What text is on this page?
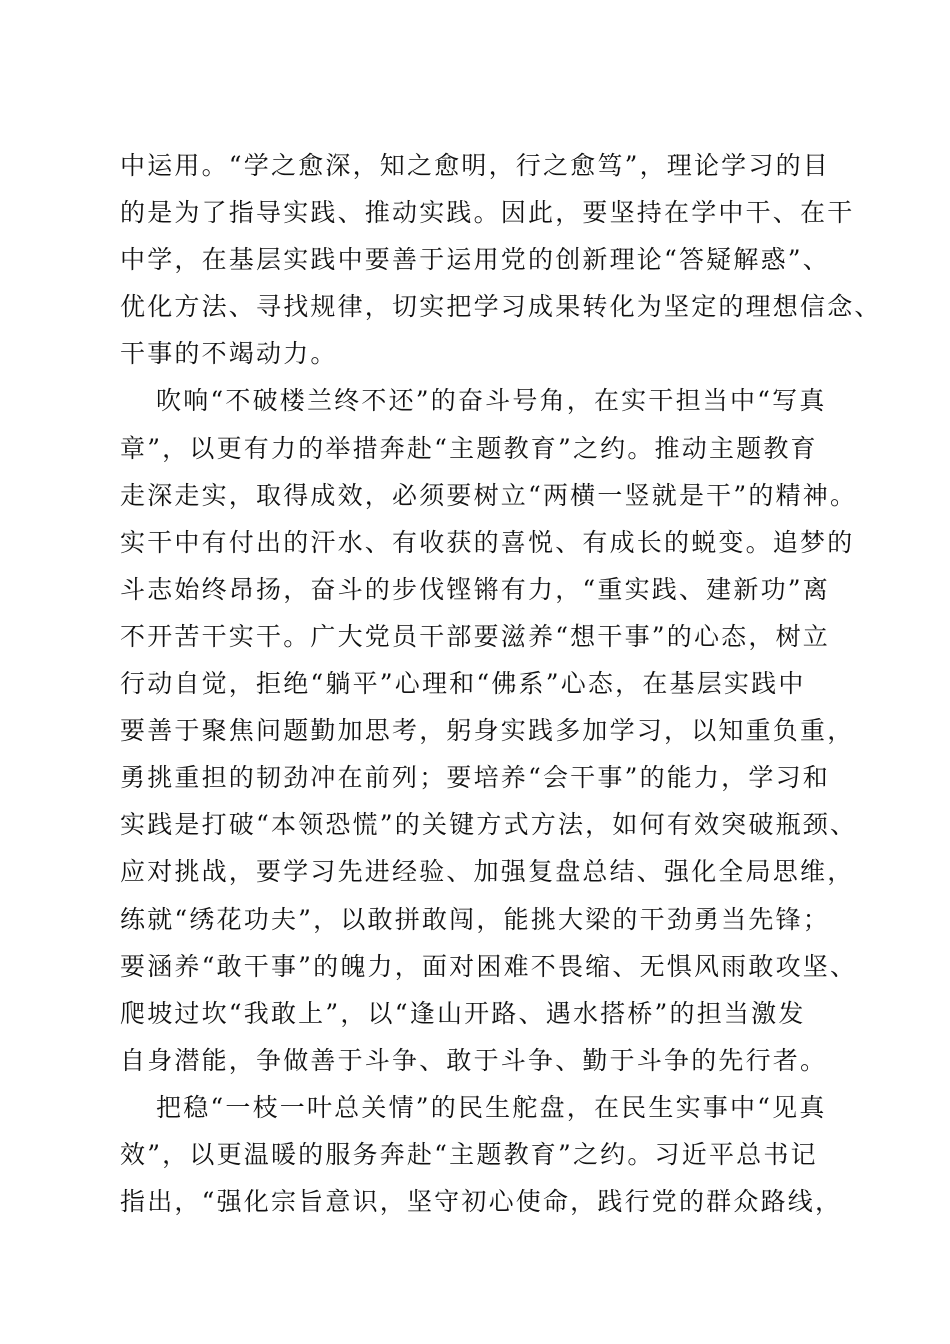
中运用。“学之愈深，知之愈明，行之愈笃”，理论学习的目
的是为了指导实践、推动实践。因此，要坚持在学中干、在干
中学，在基层实践中要善于运用党的创新理论“答疑解惑”、
优化方法、寻找规律，切实把学习成果转化为坚定的理想信念、
干事的不竭动力。
吹响“不破楼兰终不还”的奋斗号角，在实干担当中“写真
章”，以更有力的举措奔赴“主题教育”之约。推动主题教育
走深走实，取得成效，必须要树立“两横一竖就是干”的精神。
实干中有付出的汗水、有收获的喜悦、有成长的蜕变。追梦的
斗志始终昂扬，奋斗的步伐铿锵有力，“重实践、建新功”离
不开苦干实干。广大党员干部要滋养“想干事”的心态，树立
行动自觉，拒绝“躺平”心理和“佛系”心态，在基层实践中
要善于聚焦问题勤加思考，躬身实践多加学习，以知重负重，
勇挑重担的韧劲冲在前列；要培养“会干事”的能力，学习和
实践是打破“本领恐慌”的关键方式方法，如何有效突破瓶颈、
应对挑战，要学习先进经验、加强复盘总结、强化全局思维，
练就“绣花功夫”，以敢拼敢闯，能挑大梁的干劲勇当先锋；
要涵养“敢干事”的魄力，面对困难不畏缩、无惧风雨敢攻坚、
爬坡过坎“我敢上”，以“逢山开路、遇水搭桥”的担当激发
自身潜能，争做善于斗争、敢于斗争、勤于斗争的先行者。
把稳“一枝一叶总关情”的民生舵盘，在民生实事中“见真
效”，以更温暖的服务奔赴“主题教育”之约。习近平总书记
指出，“强化宗旨意识，坚守初心使命，践行党的群众路线，
